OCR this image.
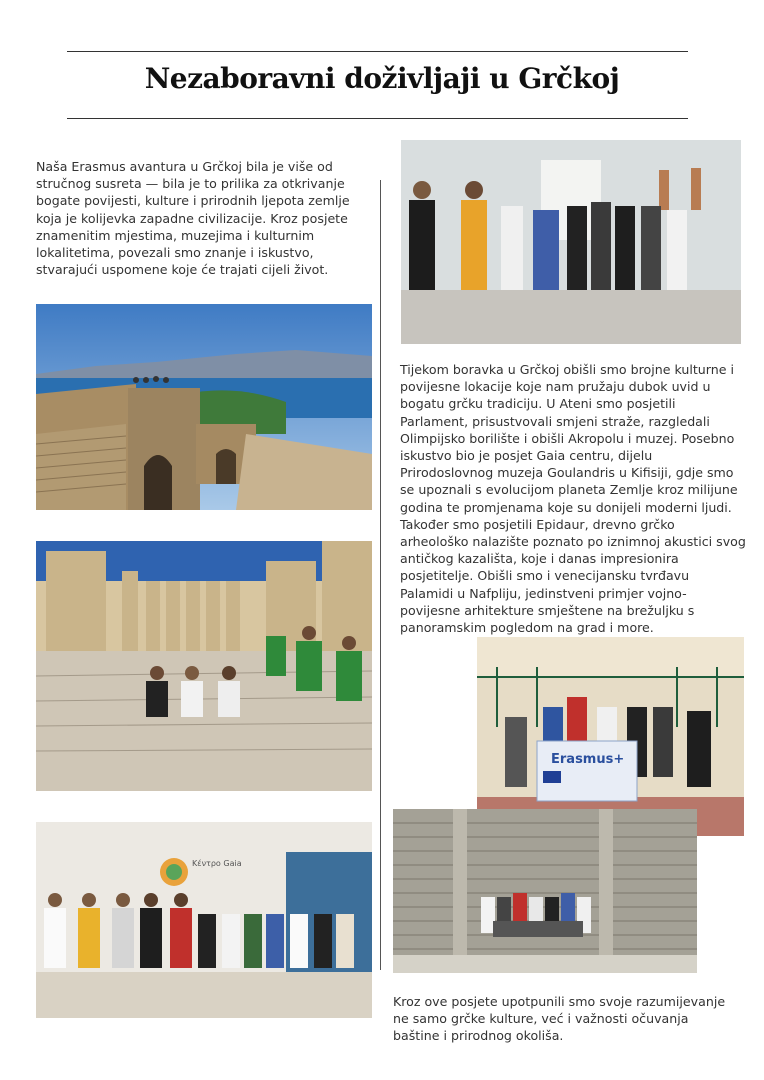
Nezaboravni doživljaji u Grčkoj
Naša Erasmus avantura u Grčkoj bila je više od stručnog susreta — bila je to prilika za otkrivanje bogate povijesti, kulture i prirodnih ljepota zemlje koja je kolijevka zapadne civilizacije. Kroz posjete znamenitim mjestima, muzejima i kulturnim lokalitetima, povezali smo znanje i iskustvo, stvarajući uspomene koje će trajati cijeli život.
Κέντρο Gaia

Tijekom boravka u Grčkoj obišli smo brojne kulturne i povijesne lokacije koje nam pružaju dubok uvid u bogatu grčku tradiciju. U Ateni smo posjetili Parlament, prisustvovali smjeni straže, razgledali Olimpijsko borilište i obišli Akropolu i muzej. Posebno iskustvo bio je posjet Gaia centru, dijelu Prirodoslovnog muzeja Goulandris u Kifisiji, gdje smo se upoznali s evolucijom planeta Zemlje kroz milijune godina te promjenama koje su donijeli moderni ljudi.

Također smo posjetili Epidaur, drevno grčko arheološko nalazište poznato po iznimnoj akustici svog antičkog kazališta, koje i danas impresionira posjetitelje. Obišli smo i venecijansku tvrđavu Palamidi u Nafpliju, jedinstveni primjer vojno-povijesne arhitekture smještene na brežuljku s panoramskim pogledom na grad i more.

Erasmus+
Kroz ove posjete upotpunili smo svoje razumijevanje ne samo grčke kulture, već i važnosti očuvanja baštine i prirodnog okoliša.
